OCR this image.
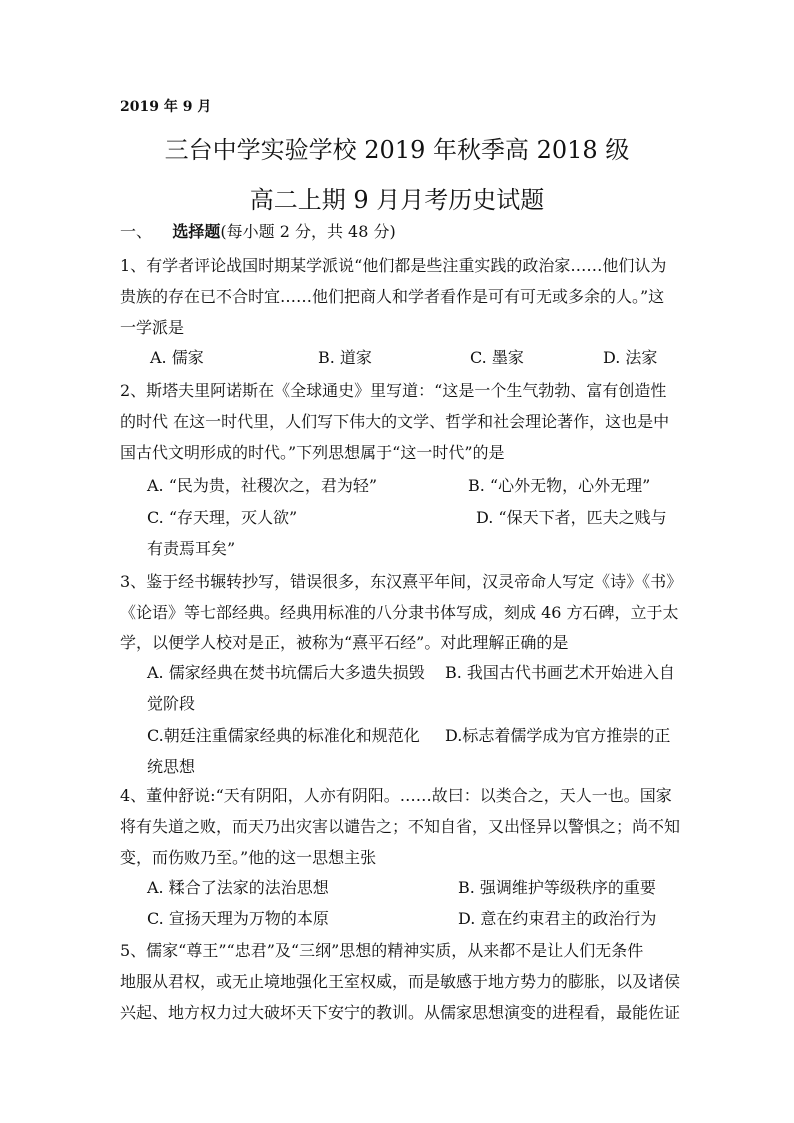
2019 年 9 月
三台中学实验学校 2019 年秋季高 2018 级
高二上期 9 月月考历史试题
一、 选择题(每小题 2 分，共 48 分)
1、有学者评论战国时期某学派说“他们都是些注重实践的政治家……他们认为
贵族的存在已不合时宜……他们把商人和学者看作是可有可无或多余的人。”这
一学派是
A. 儒家	B. 道家	C. 墨家	D. 法家
2、斯塔夫里阿诺斯在《全球通史》里写道：“这是一个生气勃勃、富有创造性
的时代 在这一时代里，人们写下伟大的文学、哲学和社会理论著作，这也是中
国古代文明形成的时代。”下列思想属于“这一时代”的是
A. “民为贵，社稷次之，君为轻”	B. “心外无物，心外无理”
C. “存天理，灭人欲”	D. “保天下者，匹夫之贱与
有责焉耳矣”
3、鉴于经书辗转抄写，错误很多，东汉熹平年间，汉灵帝命人写定《诗》《书》
《论语》等七部经典。经典用标准的八分隶书体写成，刻成 46 方石碑，立于太
学，以便学人校对是正，被称为“熹平石经”。对此理解正确的是
A. 儒家经典在焚书坑儒后大多遗失损毁 B. 我国古代书画艺术开始进入自
觉阶段
C.朝廷注重儒家经典的标准化和规范化 D.标志着儒学成为官方推崇的正
统思想
4、董仲舒说:“天有阴阳，人亦有阴阳。……故曰：以类合之，天人一也。国家
将有失道之败，而天乃出灾害以谴告之；不知自省，又出怪异以警惧之；尚不知
变，而伤败乃至。”他的这一思想主张
A. 糅合了法家的法治思想	B. 强调维护等级秩序的重要
C. 宣扬天理为万物的本原	D. 意在约束君主的政治行为
5、儒家“尊王”“忠君”及“三纲”思想的精神实质，从来都不是让人们无条件
地服从君权，或无止境地强化王室权威，而是敏感于地方势力的膨胀，以及诸侯
兴起、地方权力过大破坏天下安宁的教训。从儒家思想演变的进程看，最能佐证
